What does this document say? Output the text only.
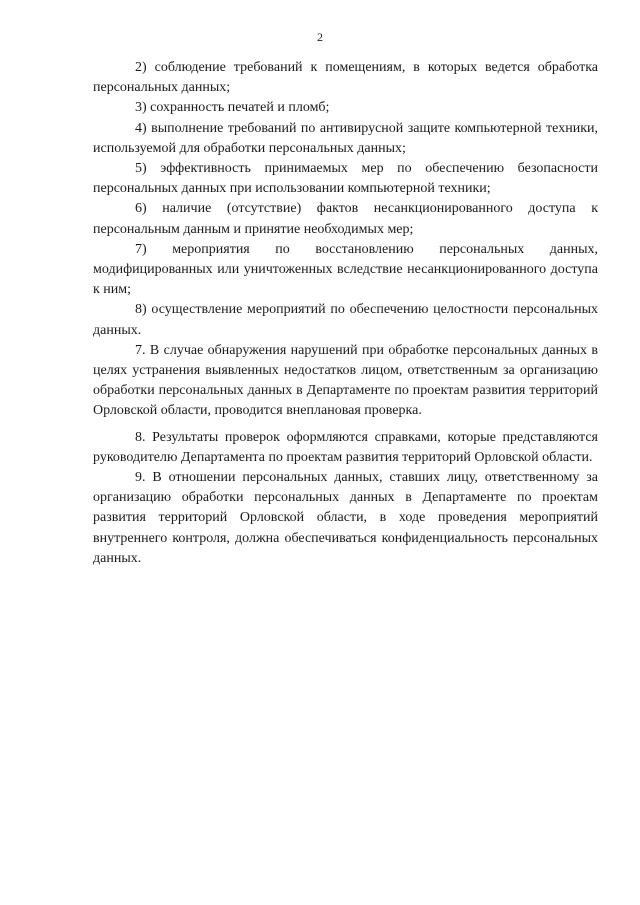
2

2) соблюдение требований к помещениям, в которых ведется обработка персональных данных;

3) сохранность печатей и пломб;

4) выполнение требований по антивирусной защите компьютерной техники, используемой для обработки персональных данных;

5) эффективность принимаемых мер по обеспечению безопасности персональных данных при использовании компьютерной техники;

6) наличие (отсутствие) фактов несанкционированного доступа к персональным данным и принятие необходимых мер;

7) мероприятия по восстановлению персональных данных, модифицированных или уничтоженных вследствие несанкционированного доступа к ним;

8) осуществление мероприятий по обеспечению целостности персональных данных.

7. В случае обнаружения нарушений при обработке персональных данных в целях устранения выявленных недостатков лицом, ответственным за организацию обработки персональных данных в Департаменте по проектам развития территорий Орловской области, проводится внеплановая проверка.

8. Результаты проверок оформляются справками, которые представляются руководителю Департамента по проектам развития территорий Орловской области.

9. В отношении персональных данных, ставших лицу, ответственному за организацию обработки персональных данных в Департаменте по проектам развития территорий Орловской области, в ходе проведения мероприятий внутреннего контроля, должна обеспечиваться конфиденциальность персональных данных.
